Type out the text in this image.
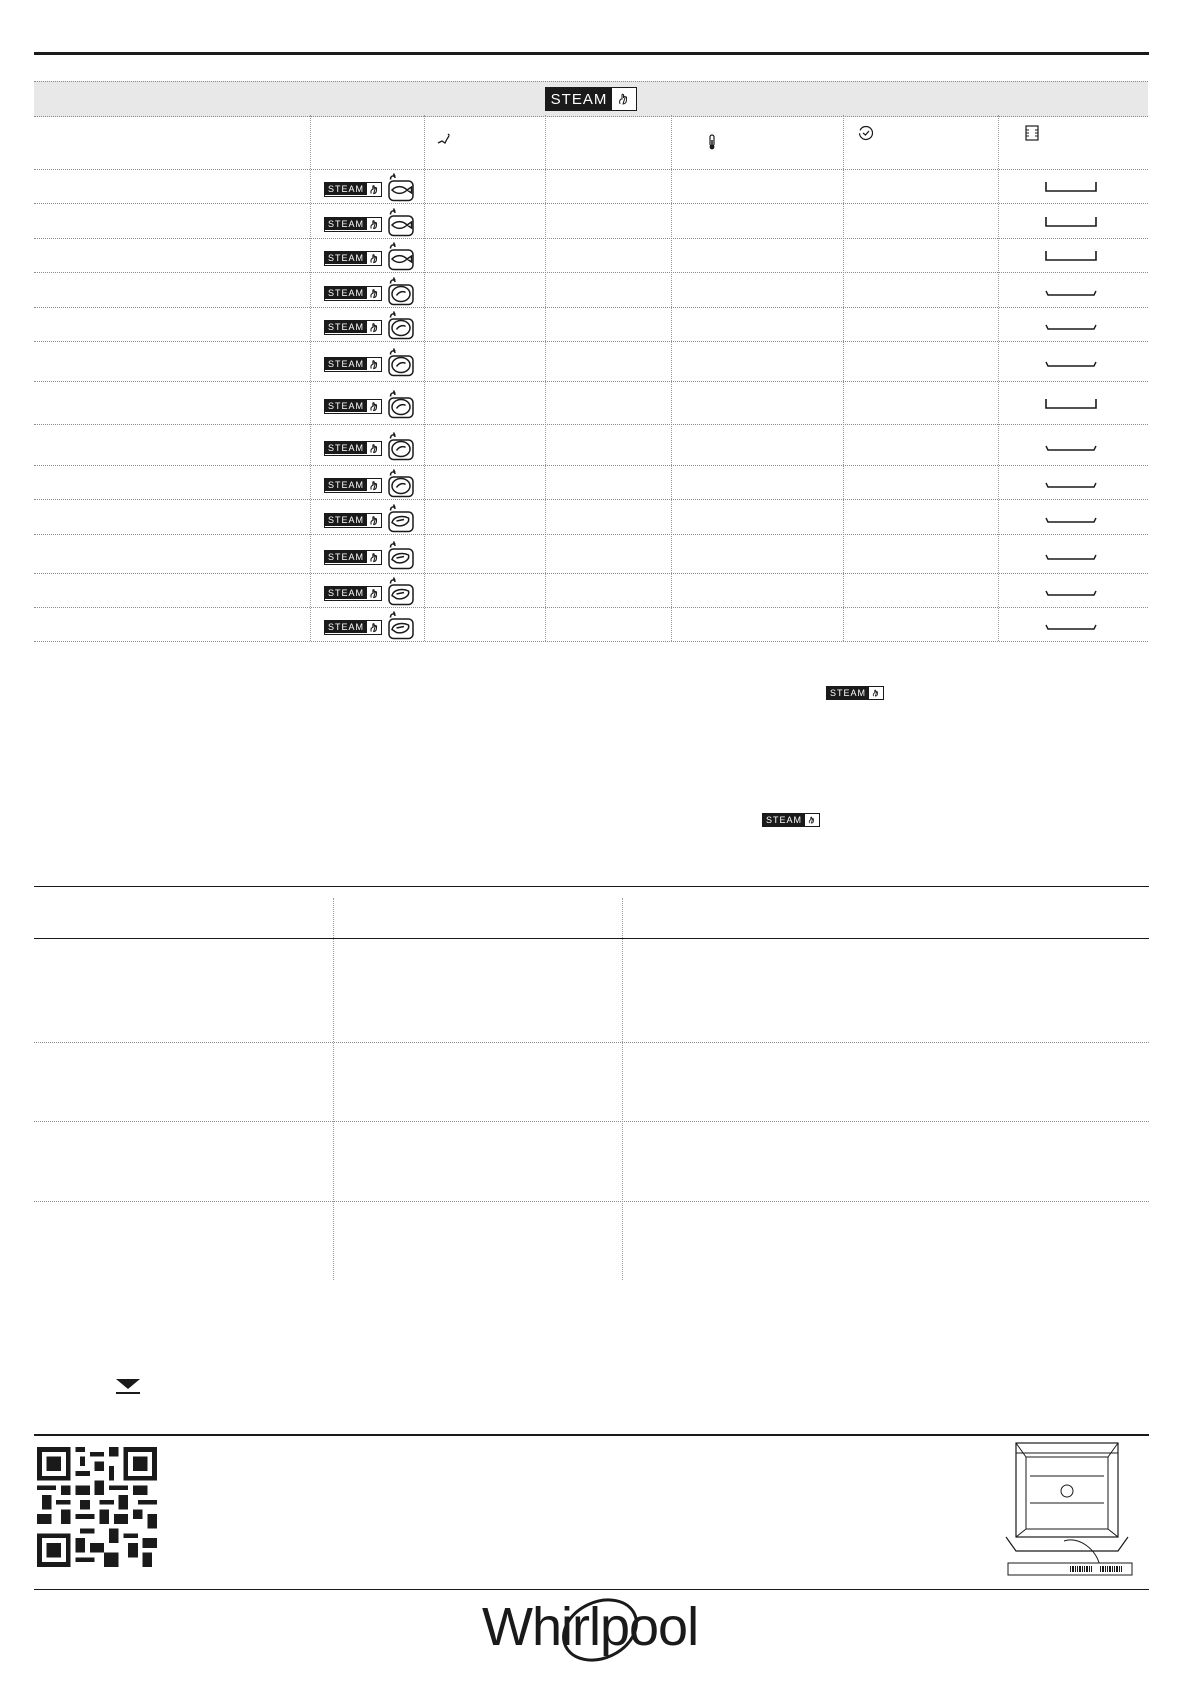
STEAM
STEAM
STEAM
STEAM
STEAM
STEAM
STEAM
STEAM
STEAM
STEAM
STEAM
STEAM
STEAM
STEAM
STEAM
STEAM
Whirlpool
